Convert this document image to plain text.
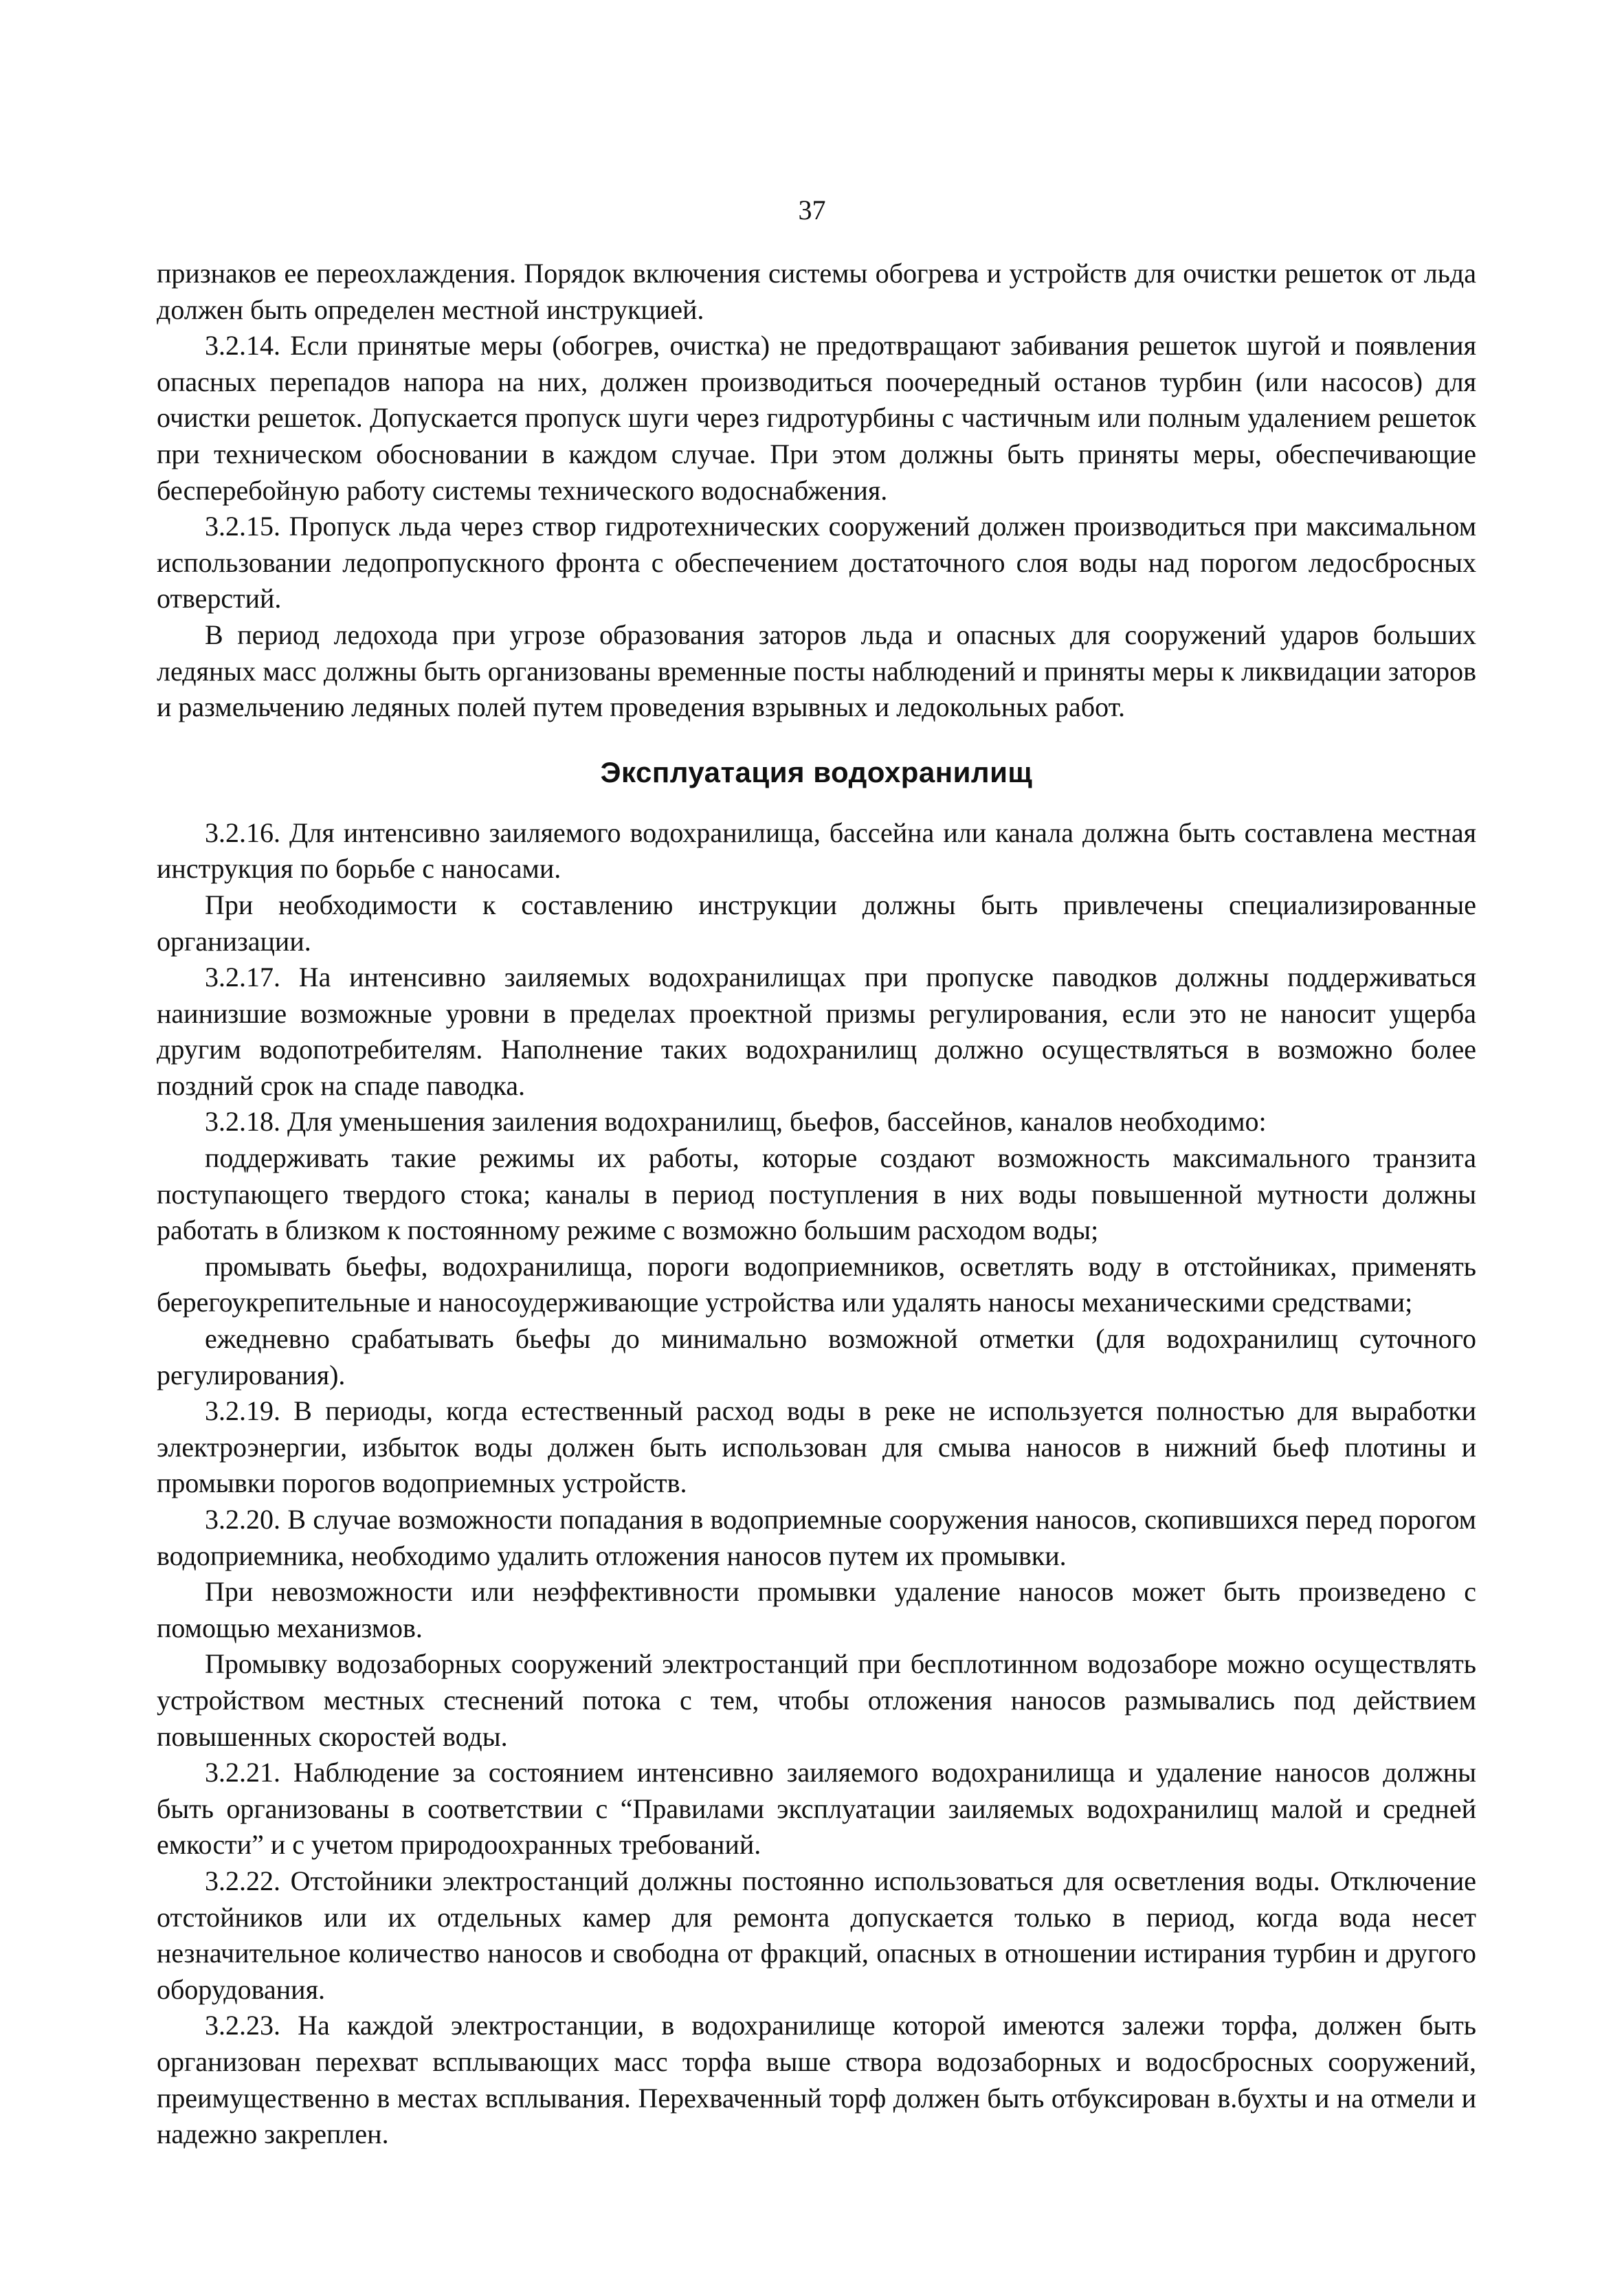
37

признаков ее переохлаждения. Порядок включения системы обогрева и устройств для очистки решеток от льда должен быть определен местной инструкцией.

3.2.14. Если принятые меры (обогрев, очистка) не предотвращают забивания решеток шугой и появления опасных перепадов напора на них, должен производиться поочередный останов турбин (или насосов) для очистки решеток. Допускается пропуск шуги через гидротурбины с частичным или полным удалением решеток при техническом обосновании в каждом случае. При этом должны быть приняты меры, обеспечивающие бесперебойную работу системы технического водоснабжения.

3.2.15. Пропуск льда через створ гидротехнических сооружений должен производиться при максимальном использовании ледопропускного фронта с обеспечением достаточного слоя воды над порогом ледосбросных отверстий.

В период ледохода при угрозе образования заторов льда и опасных для сооружений ударов больших ледяных масс должны быть организованы временные посты наблюдений и приняты меры к ликвидации заторов и размельчению ледяных полей путем проведения взрывных и ледокольных работ.

Эксплуатация водохранилищ

3.2.16. Для интенсивно заиляемого водохранилища, бассейна или канала должна быть составлена местная инструкция по борьбе с наносами.

При необходимости к составлению инструкции должны быть привлечены специализированные организации.

3.2.17. На интенсивно заиляемых водохранилищах при пропуске паводков должны поддерживаться наинизшие возможные уровни в пределах проектной призмы регулирования, если это не наносит ущерба другим водопотребителям. Наполнение таких водохранилищ должно осуществляться в возможно более поздний срок на спаде паводка.

3.2.18. Для уменьшения заиления водохранилищ, бьефов, бассейнов, каналов необходимо:

поддерживать такие режимы их работы, которые создают возможность максимального транзита поступающего твердого стока; каналы в период поступления в них воды повышенной мутности должны работать в близком к постоянному режиме с возможно большим расходом воды;

промывать бьефы, водохранилища, пороги водоприемников, осветлять воду в отстойниках, применять берегоукрепительные и наносоудерживающие устройства или удалять наносы механическими средствами;

ежедневно срабатывать бьефы до минимально возможной отметки (для водохранилищ суточного регулирования).

3.2.19. В периоды, когда естественный расход воды в реке не используется полностью для выработки электроэнергии, избыток воды должен быть использован для смыва наносов в нижний бьеф плотины и промывки порогов водоприемных устройств.

3.2.20. В случае возможности попадания в водоприемные сооружения наносов, скопившихся перед порогом водоприемника, необходимо удалить отложения наносов путем их промывки.

При невозможности или неэффективности промывки удаление наносов может быть произведено с помощью механизмов.

Промывку водозаборных сооружений электростанций при бесплотинном водозаборе можно осуществлять устройством местных стеснений потока с тем, чтобы отложения наносов размывались под действием повышенных скоростей воды.

3.2.21. Наблюдение за состоянием интенсивно заиляемого водохранилища и удаление наносов должны быть организованы в соответствии с “Правилами эксплуатации заиляемых водохранилищ малой и средней емкости” и с учетом природоохранных требований.

3.2.22. Отстойники электростанций должны постоянно использоваться для осветления воды. Отключение отстойников или их отдельных камер для ремонта допускается только в период, когда вода несет незначительное количество наносов и свободна от фракций, опасных в отношении истирания турбин и другого оборудования.

3.2.23. На каждой электростанции, в водохранилище которой имеются залежи торфа, должен быть организован перехват всплывающих масс торфа выше створа водозаборных и водосбросных сооружений, преимущественно в местах всплывания. Перехваченный торф должен быть отбуксирован в.бухты и на отмели и надежно закреплен.
